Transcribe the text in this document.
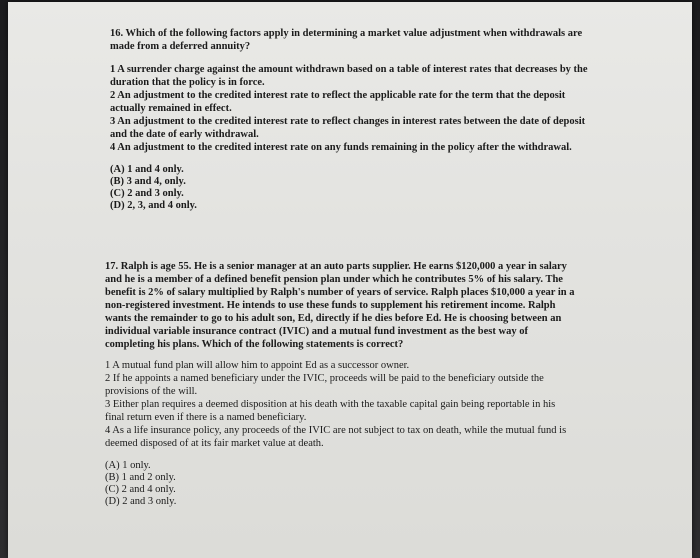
16. Which of the following factors apply in determining a market value adjustment when withdrawals are made from a deferred annuity?

1 A surrender charge against the amount withdrawn based on a table of interest rates that decreases by the duration that the policy is in force.

2 An adjustment to the credited interest rate to reflect the applicable rate for the term that the deposit actually remained in effect.

3 An adjustment to the credited interest rate to reflect changes in interest rates between the date of deposit and the date of early withdrawal.

4 An adjustment to the credited interest rate on any funds remaining in the policy after the withdrawal.

(A) 1 and 4 only.
(B) 3 and 4, only.
(C) 2 and 3 only.
(D) 2, 3, and 4 only.

17. Ralph is age 55. He is a senior manager at an auto parts supplier. He earns $120,000 a year in salary and he is a member of a defined benefit pension plan under which he contributes 5% of his salary. The benefit is 2% of salary multiplied by Ralph's number of years of service. Ralph places $10,000 a year in a non-registered investment. He intends to use these funds to supplement his retirement income. Ralph wants the remainder to go to his adult son, Ed, directly if he dies before Ed. He is choosing between an individual variable insurance contract (IVIC) and a mutual fund investment as the best way of completing his plans. Which of the following statements is correct?

1 A mutual fund plan will allow him to appoint Ed as a successor owner.

2 If he appoints a named beneficiary under the IVIC, proceeds will be paid to the beneficiary outside the provisions of the will.

3 Either plan requires a deemed disposition at his death with the taxable capital gain being reportable in his final return even if there is a named beneficiary.

4 As a life insurance policy, any proceeds of the IVIC are not subject to tax on death, while the mutual fund is deemed disposed of at its fair market value at death.

(A) 1 only.
(B) 1 and 2 only.
(C) 2 and 4 only.
(D) 2 and 3 only.
